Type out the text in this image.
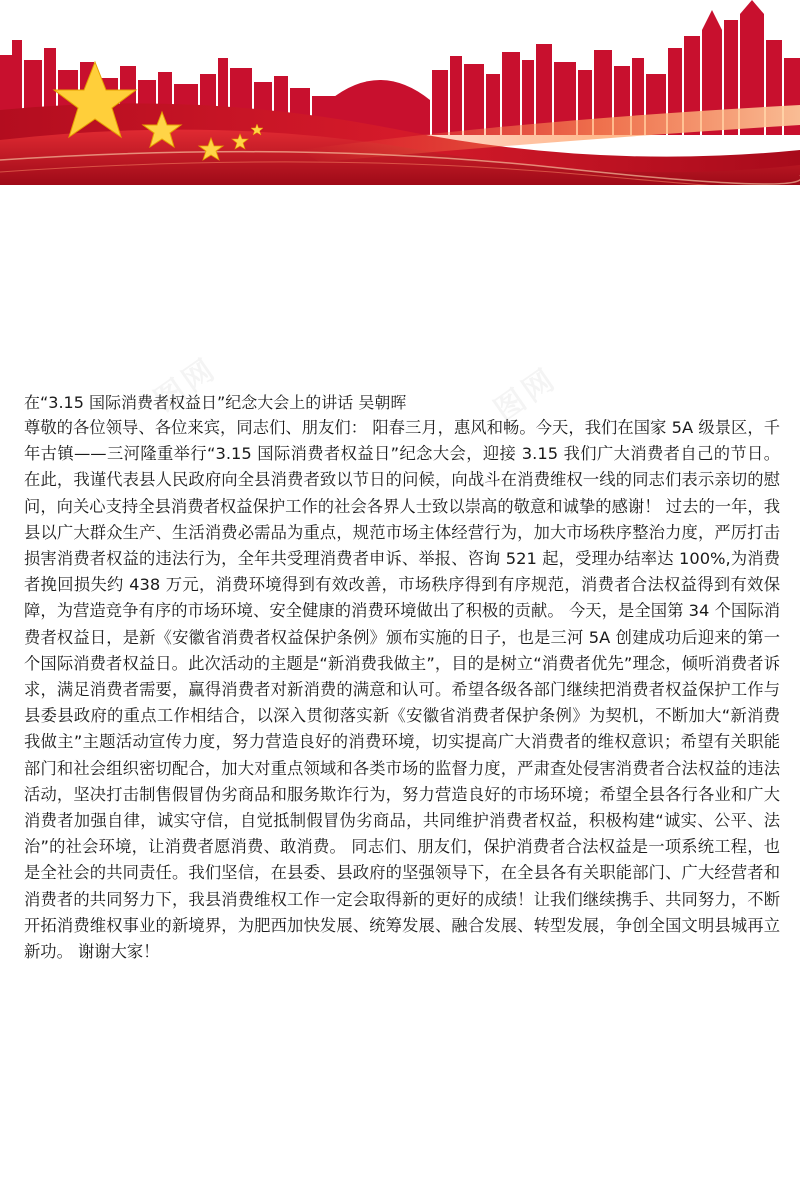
在“3.15 国际消费者权益日”纪念大会上的讲话 吴朝晖

尊敬的各位领导、各位来宾，同志们、朋友们： 阳春三月，惠风和畅。今天，我们在国家 5A 级景区，千年古镇——三河隆重举行“3.15 国际消费者权益日”纪念大会，迎接 3.15 我们广大消费者自己的节日。在此，我谨代表县人民政府向全县消费者致以节日的问候，向战斗在消费维权一线的同志们表示亲切的慰问，向关心支持全县消费者权益保护工作的社会各界人士致以崇高的敬意和诚挚的感谢！ 过去的一年，我县以广大群众生产、生活消费必需品为重点，规范市场主体经营行为，加大市场秩序整治力度，严厉打击损害消费者权益的违法行为，全年共受理消费者申诉、举报、咨询 521 起，受理办结率达 100%,为消费者挽回损失约 438 万元，消费环境得到有效改善，市场秩序得到有序规范，消费者合法权益得到有效保障，为营造竞争有序的市场环境、安全健康的消费环境做出了积极的贡献。 今天，是全国第 34 个国际消费者权益日，是新《安徽省消费者权益保护条例》颁布实施的日子，也是三河 5A 创建成功后迎来的第一个国际消费者权益日。此次活动的主题是“新消费我做主”，目的是树立“消费者优先”理念，倾听消费者诉求，满足消费者需要，赢得消费者对新消费的满意和认可。希望各级各部门继续把消费者权益保护工作与县委县政府的重点工作相结合，以深入贯彻落实新《安徽省消费者保护条例》为契机，不断加大“新消费 我做主”主题活动宣传力度，努力营造良好的消费环境，切实提高广大消费者的维权意识；希望有关职能部门和社会组织密切配合，加大对重点领域和各类市场的监督力度，严肃查处侵害消费者合法权益的违法活动，坚决打击制售假冒伪劣商品和服务欺诈行为，努力营造良好的市场环境；希望全县各行各业和广大消费者加强自律，诚实守信，自觉抵制假冒伪劣商品，共同维护消费者权益，积极构建“诚实、公平、法治”的社会环境，让消费者愿消费、敢消费。 同志们、朋友们，保护消费者合法权益是一项系统工程，也是全社会的共同责任。我们坚信，在县委、县政府的坚强领导下，在全县各有关职能部门、广大经营者和消费者的共同努力下，我县消费维权工作一定会取得新的更好的成绩！让我们继续携手、共同努力，不断开拓消费维权事业的新境界，为肥西加快发展、统筹发展、融合发展、转型发展，争创全国文明县城再立新功。 谢谢大家！
